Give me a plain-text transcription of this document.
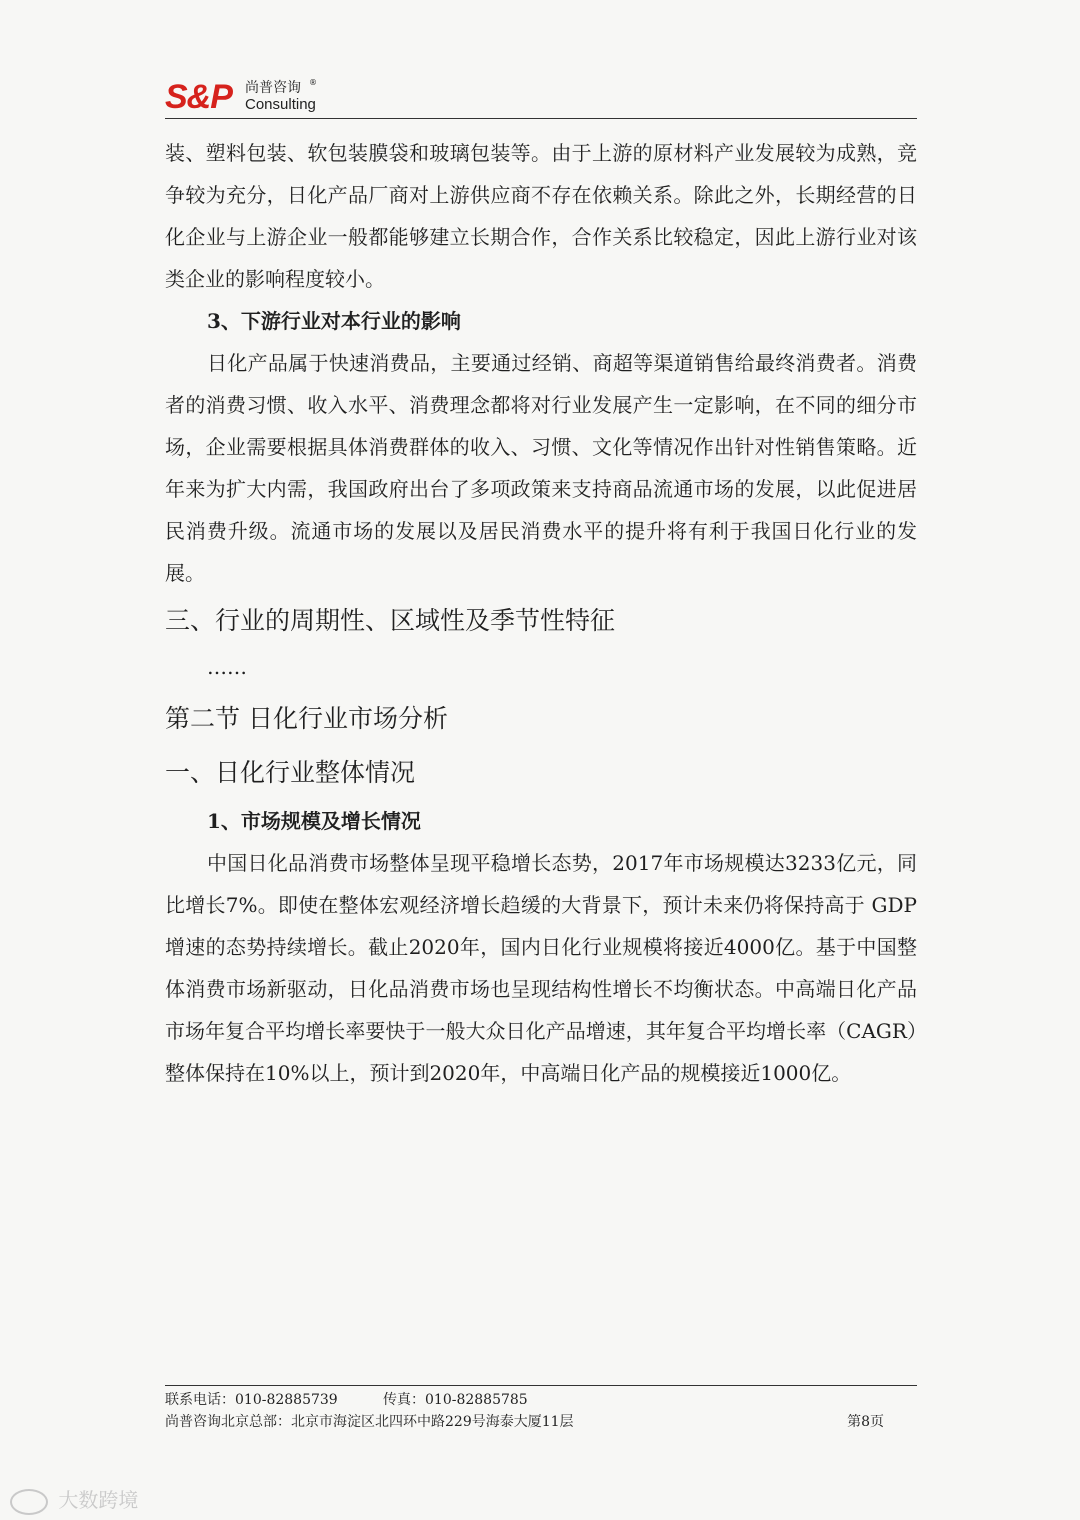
S&P 尚普咨询 ®
Consulting

装、塑料包装、软包装膜袋和玻璃包装等。由于上游的原材料产业发展较为成熟，竞争较为充分，日化产品厂商对上游供应商不存在依赖关系。除此之外，长期经营的日化企业与上游企业一般都能够建立长期合作，合作关系比较稳定，因此上游行业对该类企业的影响程度较小。

3、下游行业对本行业的影响

日化产品属于快速消费品，主要通过经销、商超等渠道销售给最终消费者。消费者的消费习惯、收入水平、消费理念都将对行业发展产生一定影响，在不同的细分市场，企业需要根据具体消费群体的收入、习惯、文化等情况作出针对性销售策略。近年来为扩大内需，我国政府出台了多项政策来支持商品流通市场的发展，以此促进居民消费升级。流通市场的发展以及居民消费水平的提升将有利于我国日化行业的发展。

三、行业的周期性、区域性及季节性特征
……
第二节 日化行业市场分析
一、日化行业整体情况
1、市场规模及增长情况

中国日化品消费市场整体呈现平稳增长态势，2017年市场规模达3233亿元，同比增长7%。即使在整体宏观经济增长趋缓的大背景下，预计未来仍将保持高于 GDP 增速的态势持续增长。截止2020年，国内日化行业规模将接近4000亿。基于中国整体消费市场新驱动，日化品消费市场也呈现结构性增长不均衡状态。中高端日化产品市场年复合平均增长率要快于一般大众日化产品增速，其年复合平均增长率（CAGR）整体保持在10%以上，预计到2020年，中高端日化产品的规模接近1000亿。

联系电话：010-82885739	传真：010-82885785
尚普咨询北京总部：北京市海淀区北四环中路229号海泰大厦11层	第8页
大数跨境
